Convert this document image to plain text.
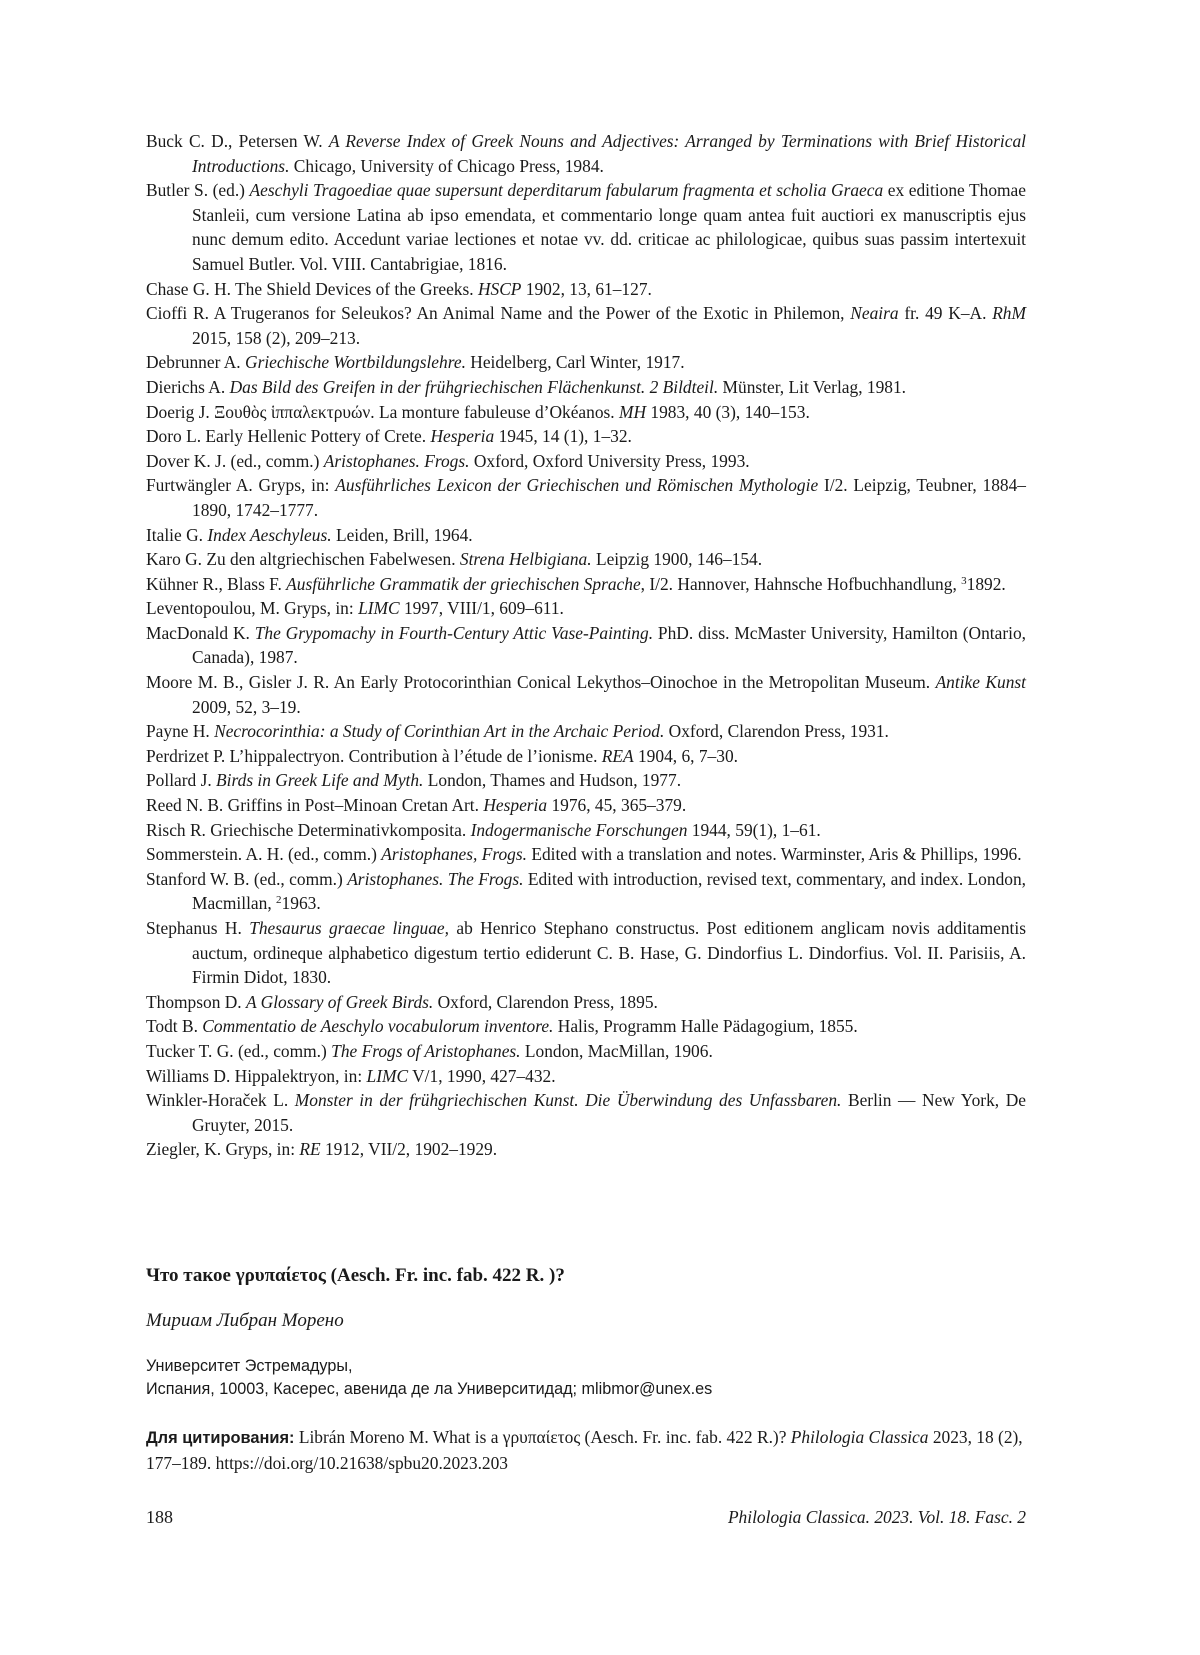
Buck C. D., Petersen W. A Reverse Index of Greek Nouns and Adjectives: Arranged by Terminations with Brief Historical Introductions. Chicago, University of Chicago Press, 1984.

Butler S. (ed.) Aeschyli Tragoediae quae supersunt deperditarum fabularum fragmenta et scholia Graeca ex editione Thomae Stanleii, cum versione Latina ab ipso emendata, et commentario longe quam antea fuit auctiori ex manuscriptis ejus nunc demum edito. Accedunt variae lectiones et notae vv. dd. criticae ac philologicae, quibus suas passim intertexuit Samuel Butler. Vol. VIII. Cantabrigiae, 1816.

Chase G. H. The Shield Devices of the Greeks. HSCP 1902, 13, 61–127.

Cioffi R. A Trugeranos for Seleukos? An Animal Name and the Power of the Exotic in Philemon, Neaira fr. 49 K–A. RhM 2015, 158 (2), 209–213.

Debrunner A. Griechische Wortbildungslehre. Heidelberg, Carl Winter, 1917.

Dierichs A. Das Bild des Greifen in der frühgriechischen Flächenkunst. 2 Bildteil. Münster, Lit Verlag, 1981.

Doerig J. Ξουθὸς ἱππαλεκτρυών. La monture fabuleuse d’Okéanos. MH 1983, 40 (3), 140–153.

Doro L. Early Hellenic Pottery of Crete. Hesperia 1945, 14 (1), 1–32.

Dover K. J. (ed., comm.) Aristophanes. Frogs. Oxford, Oxford University Press, 1993.

Furtwängler A. Gryps, in: Ausführliches Lexicon der Griechischen und Römischen Mythologie I/2. Leipzig, Teubner, 1884–1890, 1742–1777.

Italie G. Index Aeschyleus. Leiden, Brill, 1964.

Karo G. Zu den altgriechischen Fabelwesen. Strena Helbigiana. Leipzig 1900, 146–154.

Kühner R., Blass F. Ausführliche Grammatik der griechischen Sprache, I/2. Hannover, Hahnsche Hofbuchhandlung, $^3$1892.

Leventopoulou, M. Gryps, in: LIMC 1997, VIII/1, 609–611.

MacDonald K. The Grypomachy in Fourth-Century Attic Vase-Painting. PhD. diss. McMaster University, Hamilton (Ontario, Canada), 1987.

Moore M. B., Gisler J. R. An Early Protocorinthian Conical Lekythos–Oinochoe in the Metropolitan Museum. Antike Kunst 2009, 52, 3–19.

Payne H. Necrocorinthia: a Study of Corinthian Art in the Archaic Period. Oxford, Clarendon Press, 1931.

Perdrizet P. L’hippalectryon. Contribution à l’étude de l’ionisme. REA 1904, 6, 7–30.

Pollard J. Birds in Greek Life and Myth. London, Thames and Hudson, 1977.

Reed N. B. Griffins in Post–Minoan Cretan Art. Hesperia 1976, 45, 365–379.

Risch R. Griechische Determinativkomposita. Indogermanische Forschungen 1944, 59(1), 1–61.

Sommerstein. A. H. (ed., comm.) Aristophanes, Frogs. Edited with a translation and notes. Warminster, Aris & Phillips, 1996.

Stanford W. B. (ed., comm.) Aristophanes. The Frogs. Edited with introduction, revised text, commentary, and index. London, Macmillan, $^2$1963.

Stephanus H. Thesaurus graecae linguae, ab Henrico Stephano constructus. Post editionem anglicam novis additamentis auctum, ordineque alphabetico digestum tertio ediderunt C. B. Hase, G. Dindorfius L. Dindorfius. Vol. II. Parisiis, A. Firmin Didot, 1830.

Thompson D. A Glossary of Greek Birds. Oxford, Clarendon Press, 1895.

Todt B. Commentatio de Aeschylo vocabulorum inventore. Halis, Programm Halle Pädagogium, 1855.

Tucker T. G. (ed., comm.) The Frogs of Aristophanes. London, MacMillan, 1906.

Williams D. Hippalektryon, in: LIMC V/1, 1990, 427–432.

Winkler-Horaček L. Monster in der frühgriechischen Kunst. Die Überwindung des Unfassbaren. Berlin — New York, De Gruyter, 2015.

Ziegler, K. Gryps, in: RE 1912, VII/2, 1902–1929.

Что такое γρυπαίετος (Aesch. Fr. inc. fab. 422 R. )?

Мириам Либран Морено

Университет Эстремадуры,
Испания, 10003, Касерес, авенида де ла Университидад; mlibmor@unex.es

Для цитирования: Librán Moreno M. What is a γρυπαίετος (Aesch. Fr. inc. fab. 422 R.)? Philologia Classica 2023, 18 (2), 177–189. https://doi.org/10.21638/spbu20.2023.203

188	Philologia Classica. 2023. Vol. 18. Fasc. 2
